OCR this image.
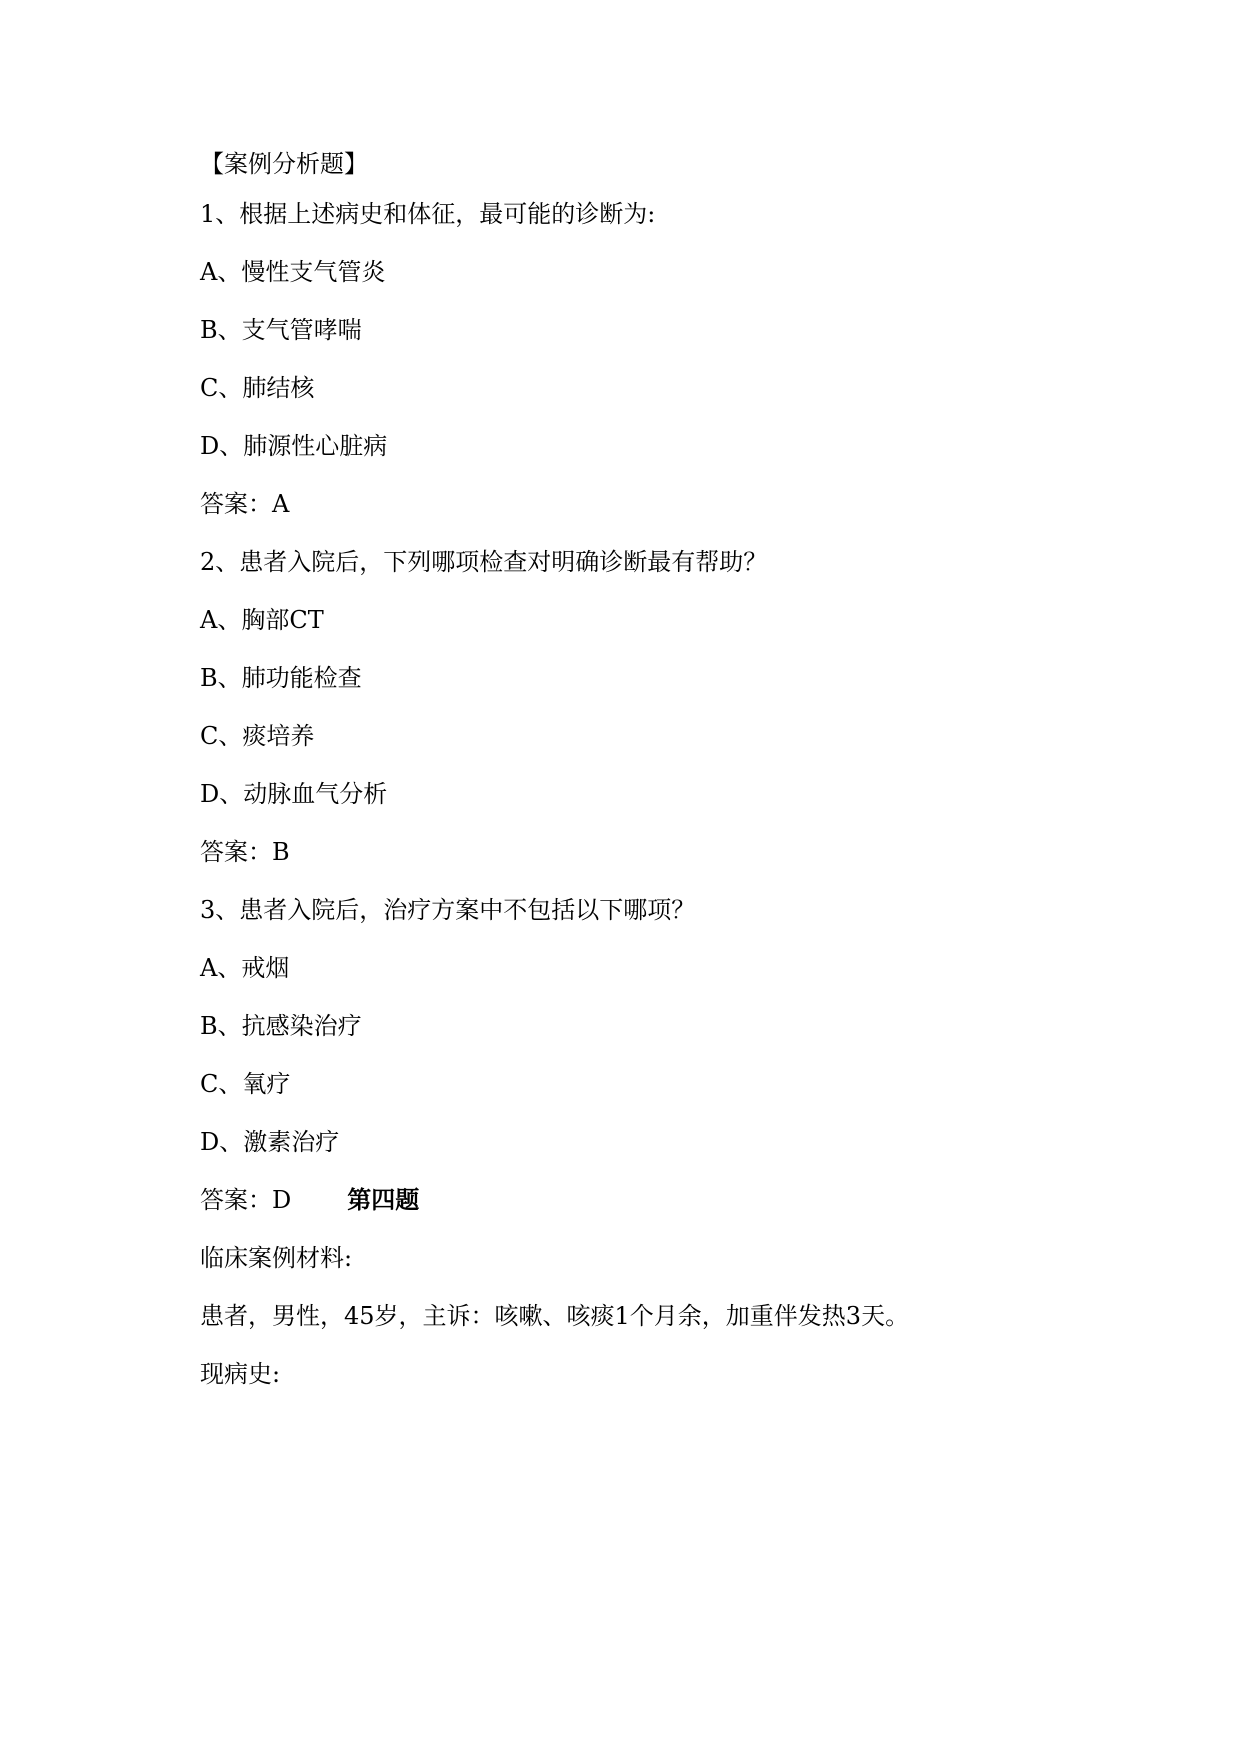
【案例分析题】
1、根据上述病史和体征，最可能的诊断为:
A、慢性支气管炎
B、支气管哮喘
C、肺结核
D、肺源性心脏病
答案：A
2、患者入院后，下列哪项检查对明确诊断最有帮助？
A、胸部CT
B、肺功能检查
C、痰培养
D、动脉血气分析
答案：B
3、患者入院后，治疗方案中不包括以下哪项？
A、戒烟
B、抗感染治疗
C、氧疗
D、激素治疗
答案：D 第四题
临床案例材料:
患者，男性，45岁，主诉：咳嗽、咳痰1个月余，加重伴发热3天。
现病史:
